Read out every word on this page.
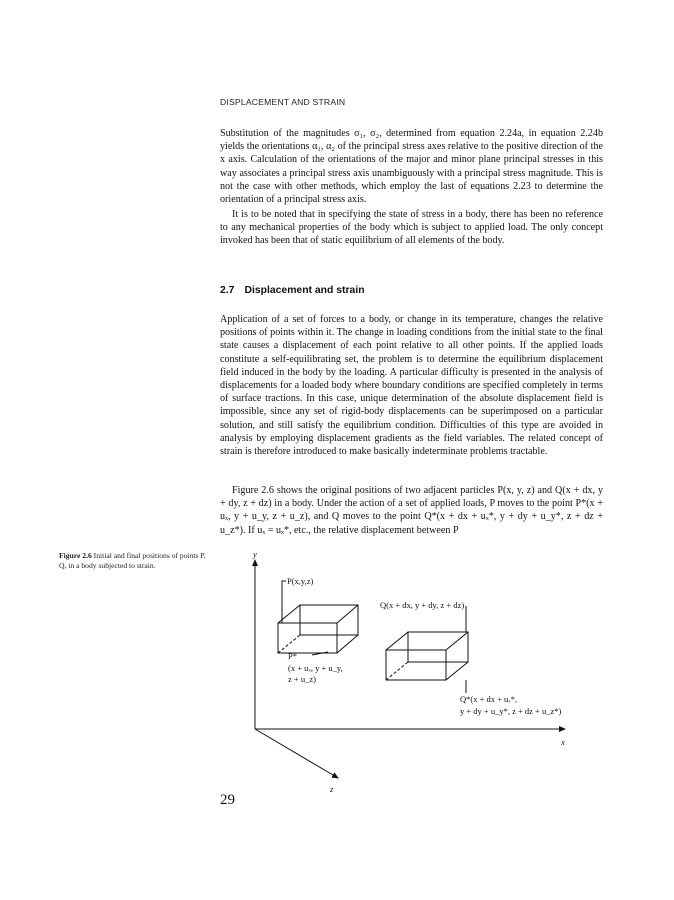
DISPLACEMENT AND STRAIN

Substitution of the magnitudes σ₁, σ₂, determined from equation 2.24a, in equation 2.24b yields the orientations α₁, α₂ of the principal stress axes relative to the positive direction of the x axis. Calculation of the orientations of the major and minor plane principal stresses in this way associates a principal stress axis unambiguously with a principal stress magnitude. This is not the case with other methods, which employ the last of equations 2.23 to determine the orientation of a principal stress axis.

It is to be noted that in specifying the state of stress in a body, there has been no reference to any mechanical properties of the body which is subject to applied load. The only concept invoked has been that of static equilibrium of all elements of the body.

2.7 Displacement and strain

Application of a set of forces to a body, or change in its temperature, changes the relative positions of points within it. The change in loading conditions from the initial state to the final state causes a displacement of each point relative to all other points. If the applied loads constitute a self-equilibrating set, the problem is to determine the equilibrium displacement field induced in the body by the loading. A particular difficulty is presented in the analysis of displacements for a loaded body where boundary conditions are specified completely in terms of surface tractions. In this case, unique determination of the absolute displacement field is impossible, since any set of rigid-body displacements can be superimposed on a particular solution, and still satisfy the equilibrium condition. Difficulties of this type are avoided in analysis by employing displacement gradients as the field variables. The related concept of strain is therefore introduced to make basically indeterminate problems tractable.

Figure 2.6 shows the original positions of two adjacent particles P(x, y, z) and Q(x + dx, y + dy, z + dz) in a body. Under the action of a set of applied loads, P moves to the point P*(x + uₓ, y + u_y, z + u_z), and Q moves to the point Q*(x + dx + uₓ*, y + dy + u_y*, z + dz + u_z*). If uₓ = uₓ*, etc., the relative displacement between P

Figure 2.6 Initial and final positions of points P, Q, in a body subjected to strain.
y
x
z
P(x,y,z)
Q(x + dx, y + dy, z + dz)
P*
(x + uₓ, y + u_y,
z + u_z)
Q*(x + dx + uₓ*,
y + dy + u_y*, z + dz + u_z*)
29
